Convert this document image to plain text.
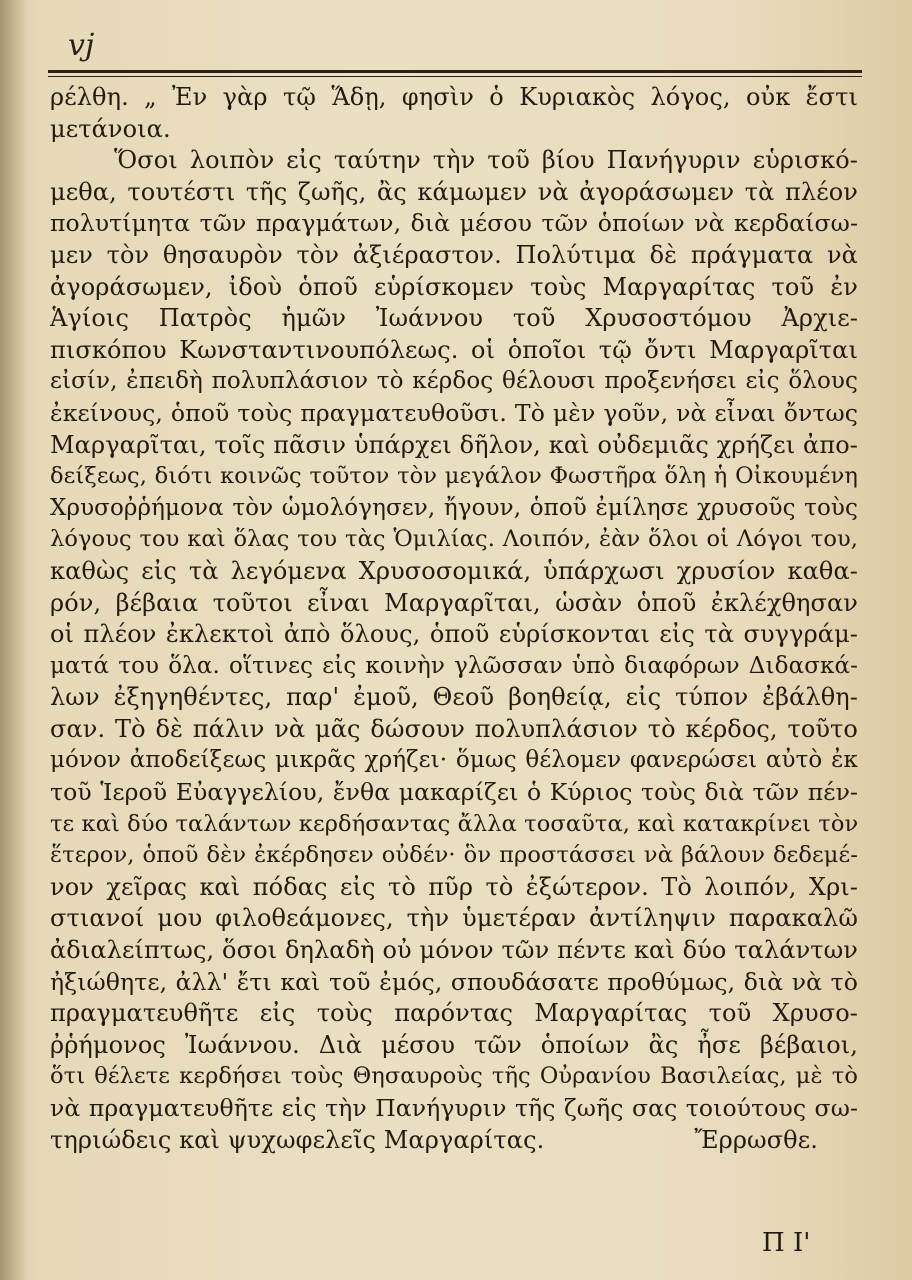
vj
ρέλθη. „ Ἐν γὰρ τῷ Ἅδῃ, φησὶν ὁ Κυριακὸς λόγος, οὐκ ἔστι
μετάνοια.
Ὅσοι λοιπὸν εἰς ταύτην τὴν τοῦ βίου Πανήγυριν εὑρισκό-
μεθα, τουτέστι τῆς ζωῆς, ἂς κάμωμεν νὰ ἀγοράσωμεν τὰ πλέον
πολυτίμητα τῶν πραγμάτων, διὰ μέσου τῶν ὁποίων νὰ κερδαίσω-
μεν τὸν θησαυρὸν τὸν ἀξιέραστον. Πολύτιμα δὲ πράγματα νὰ
ἀγοράσωμεν, ἰδοὺ ὁποῦ εὑρίσκομεν τοὺς Μαργαρίτας τοῦ ἐν
Ἁγίοις Πατρὸς ἡμῶν Ἰωάννου τοῦ Χρυσοστόμου Ἀρχιε-
πισκόπου Κωνσταντινουπόλεως. οἱ ὁποῖοι τῷ ὄντι Μαργαρῖται
εἰσίν, ἐπειδὴ πολυπλάσιον τὸ κέρδος θέλουσι προξενήσει εἰς ὅλους
ἐκείνους, ὁποῦ τοὺς πραγματευθοῦσι. Τὸ μὲν γοῦν, νὰ εἶναι ὄντως
Μαργαρῖται, τοῖς πᾶσιν ὑπάρχει δῆλον, καὶ οὐδεμιᾶς χρήζει ἀπο-
δείξεως, διότι κοινῶς τοῦτον τὸν μεγάλον Φωστῆρα ὅλη ἡ Οἰκουμένη
Χρυσοῤῥήμονα τὸν ὡμολόγησεν, ἤγουν, ὁποῦ ἐμίλησε χρυσοῦς τοὺς
λόγους του καὶ ὅλας του τὰς Ὁμιλίας. Λοιπόν, ἐὰν ὅλοι οἱ Λόγοι του,
καθὼς εἰς τὰ λεγόμενα Χρυσοσομικά, ὑπάρχωσι χρυσίον καθα-
ρόν, βέβαια τοῦτοι εἶναι Μαργαρῖται, ὡσὰν ὁποῦ ἐκλέχθησαν
οἱ πλέον ἐκλεκτοὶ ἀπὸ ὅλους, ὁποῦ εὑρίσκονται εἰς τὰ συγγράμ-
ματά του ὅλα. οἵτινες εἰς κοινὴν γλῶσσαν ὑπὸ διαφόρων Διδασκά-
λων ἐξηγηθέντες, παρ' ἐμοῦ, Θεοῦ βοηθείᾳ, εἰς τύπον ἐβάλθη-
σαν. Τὸ δὲ πάλιν νὰ μᾶς δώσουν πολυπλάσιον τὸ κέρδος, τοῦτο
μόνον ἀποδείξεως μικρᾶς χρήζει· ὅμως θέλομεν φανερώσει αὐτὸ ἐκ
τοῦ Ἱεροῦ Εὐαγγελίου, ἔνθα μακαρίζει ὁ Κύριος τοὺς διὰ τῶν πέν-
τε καὶ δύο ταλάντων κερδήσαντας ἄλλα τοσαῦτα, καὶ κατακρίνει τὸν
ἕτερον, ὁποῦ δὲν ἐκέρδησεν οὐδέν· ὃν προστάσσει νὰ βάλουν δεδεμέ-
νον χεῖρας καὶ πόδας εἰς τὸ πῦρ τὸ ἐξώτερον. Τὸ λοιπόν, Χρι-
στιανοί μου φιλοθεάμονες, τὴν ὑμετέραν ἀντίληψιν παρακαλῶ
ἀδιαλείπτως, ὅσοι δηλαδὴ οὐ μόνον τῶν πέντε καὶ δύο ταλάντων
ἠξιώθητε, ἀλλ' ἔτι καὶ τοῦ ἐμός, σπουδάσατε προθύμως, διὰ νὰ τὸ
πραγματευθῆτε εἰς τοὺς παρόντας Μαργαρίτας τοῦ Χρυσο-
ῤῥήμονος Ἰωάννου. Διὰ μέσου τῶν ὁποίων ἂς ἦσε βέβαιοι,
ὅτι θέλετε κερδήσει τοὺς Θησαυροὺς τῆς Οὐρανίου Βασιλείας, μὲ τὸ
νὰ πραγματευθῆτε εἰς τὴν Πανήγυριν τῆς ζωῆς σας τοιούτους σω-
τηριώδεις καὶ ψυχωφελεῖς Μαργαρίτας.	Ἔρρωσθε.
Π Ι'
